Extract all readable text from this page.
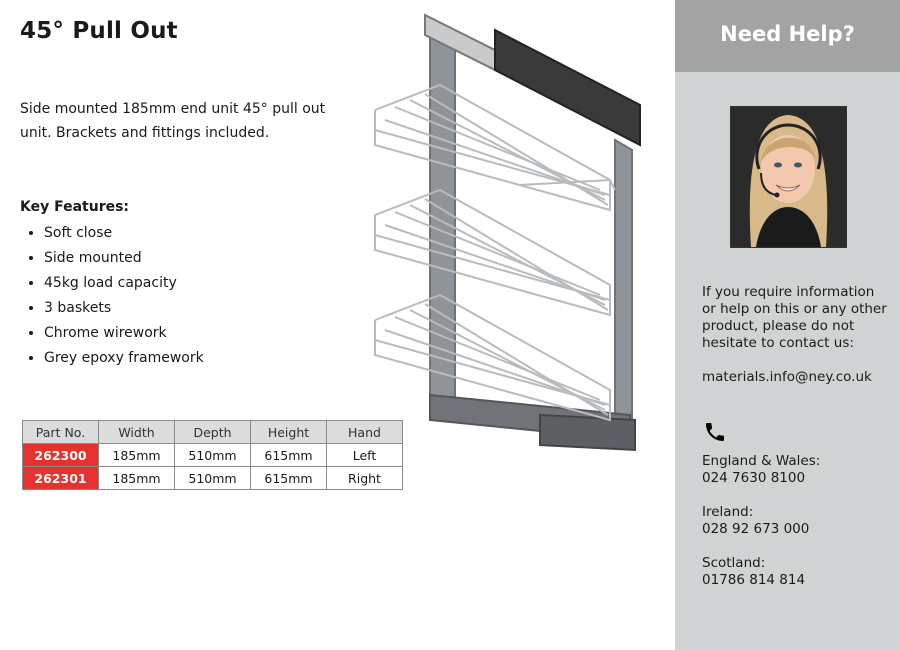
45° Pull Out
Side mounted 185mm end unit 45° pull out unit. Brackets and fittings included.
Key Features:
• Soft close
• Side mounted
• 45kg load capacity
• 3 baskets
• Chrome wirework
• Grey epoxy framework
Part No.	Width	Depth	Height	Hand
262300	185mm	510mm	615mm	Left
262301	185mm	510mm	615mm	Right
Need Help?
If you require information or help on this or any other product, please do not hesitate to contact us:
materials.info@ney.co.uk
England & Wales:
024 7630 8100
Ireland:
028 92 673 000
Scotland:
01786 814 814
